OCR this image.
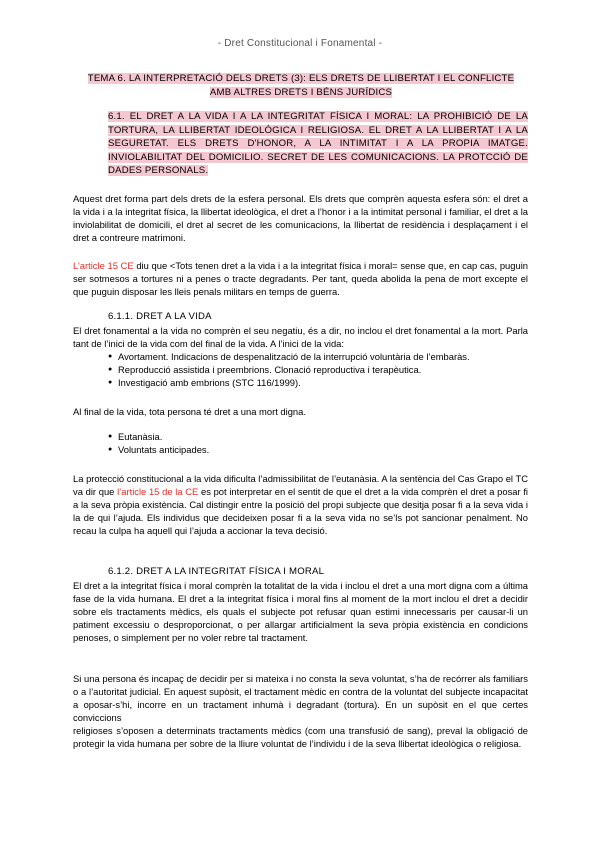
- Dret Constitucional i Fonamental -
TEMA 6. LA INTERPRETACIÓ DELS DRETS (3): ELS DRETS DE LLIBERTAT I EL CONFLICTE
AMB ALTRES DRETS I BÉNS JURÍDICS
6.1. EL DRET A LA VIDA I A LA INTEGRITAT FÍSICA I MORAL: LA PROHIBICIÓ DE LA TORTURA, LA LLIBERTAT IDEOLÓGICA I RELIGIOSA. EL DRET A LA LLIBERTAT I A LA SEGURETAT. ELS DRETS D'HONOR, A LA INTIMITAT I A LA PROPIA IMATGE. INVIOLABILITAT DEL DOMICILIO. SECRET DE LES COMUNICACIONS. LA PROTCCIÓ DE DADES PERSONALS.

Aquest dret forma part dels drets de la esfera personal. Els drets que comprèn aquesta esfera són: el dret a la vida i a la integritat física, la llibertat ideològica, el dret a l’honor i a la intimitat personal i familiar, el dret a la inviolabilitat de domicili, el dret al secret de les comunicacions, la llibertat de residència i desplaçament i el dret a contreure matrimoni.

L’article 15 CE diu que <Tots tenen dret a la vida i a la integritat física i moral= sense que, en cap cas, puguin ser sotmesos a tortures ni a penes o tracte degradants. Per tant, queda abolida la pena de mort excepte el que puguin disposar les lleis penals militars en temps de guerra.

6.1.1. DRET A LA VIDA

El dret fonamental a la vida no comprèn el seu negatiu, és a dir, no inclou el dret fonamental a la mort. Parla tant de l’inici de la vida com del final de la vida. A l’inici de la vida:

● Avortament. Indicacions de despenalització de la interrupció voluntària de l’embaràs.
● Reproducció assistida i preembrions. Clonació reproductiva i terapèutica.
● Investigació amb embrions (STC 116/1999).

Al final de la vida, tota persona té dret a una mort digna.

● Eutanàsia.
● Voluntats anticipades.

La protecció constitucional a la vida dificulta l’admissibilitat de l’eutanàsia. A la sentència del Cas Grapo el TC va dir que l’article 15 de la CE es pot interpretar en el sentit de que el dret a la vida comprèn el dret a posar fi a la seva pròpia existència. Cal distingir entre la posició del propi subjecte que desitja posar fi a la seva vida i la de qui l’ajuda. Els individus que decideixen posar fi a la seva vida no se’ls pot sancionar penalment. No recau la culpa ha aquell qui l’ajuda a accionar la teva decisió.

6.1.2. DRET A LA INTEGRITAT FÍSICA I MORAL

El dret a la integritat física i moral comprèn la totalitat de la vida i inclou el dret a una mort digna com a última fase de la vida humana. El dret a la integritat física i moral fins al moment de la mort inclou el dret a decidir sobre els tractaments mèdics, els quals el subjecte pot refusar quan estimi innecessaris per causar-li un patiment excessiu o desproporcionat, o per allargar artificialment la seva pròpia existència en condicions penoses, o simplement per no voler rebre tal tractament.

Si una persona és incapaç de decidir per si mateixa i no consta la seva voluntat, s’ha de recórrer als familiars o a l’autoritat judicial. En aquest supòsit, el tractament mèdic en contra de la voluntat del subjecte incapacitat a oposar-s’hi, incorre en un tractament inhumà i degradant (tortura). En un supòsit en el que certes conviccions
religioses s’oposen a determinats tractaments mèdics (com una transfusió de sang), preval la obligació de protegir la vida humana per sobre de la lliure voluntat de l’individu i de la seva llibertat ideològica o religiosa.
